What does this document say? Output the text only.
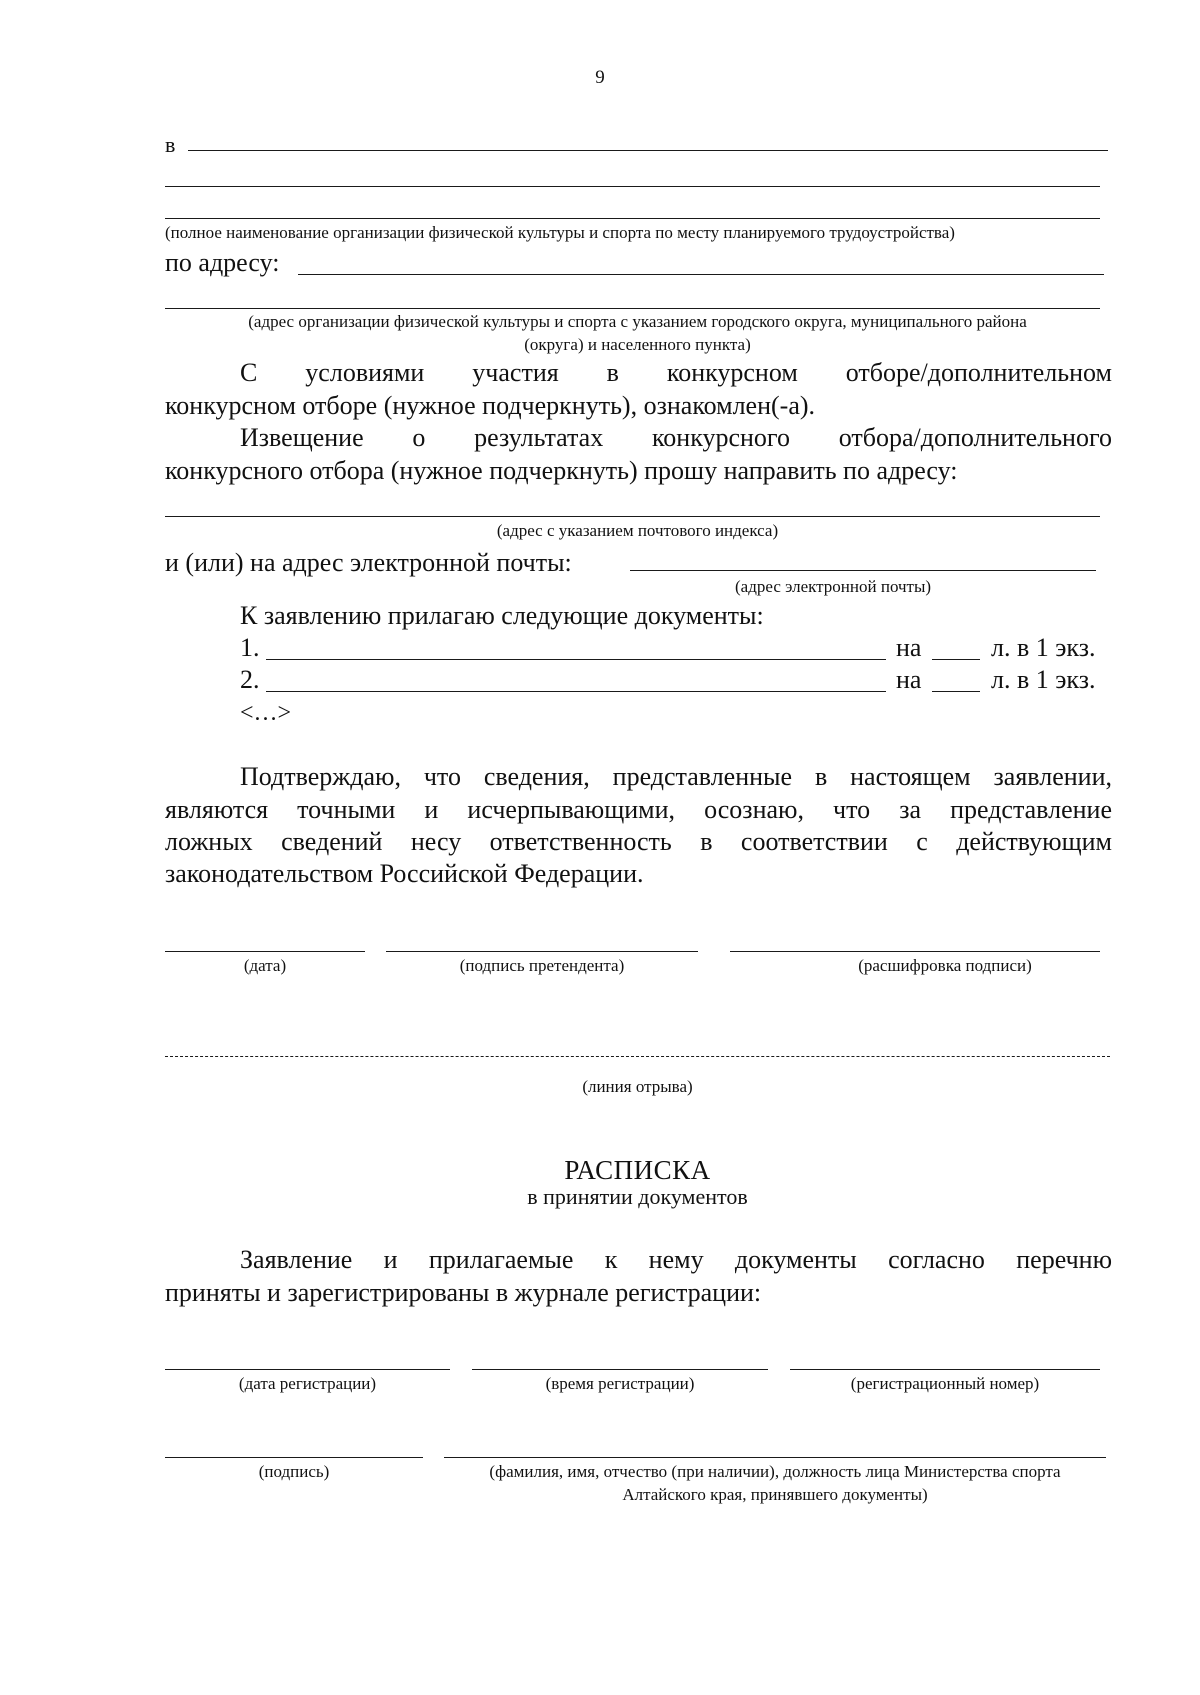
9
в
(полное наименование организации физической культуры и спорта по месту планируемого трудоустройства)
по адресу:
(адрес организации физической культуры и спорта с указанием городского округа, муниципального района
(округа) и населенного пункта)
С условиями участия в конкурсном отборе/дополнительном
конкурсном отборе (нужное подчеркнуть), ознакомлен(-а).
Извещение о результатах конкурсного отбора/дополнительного
конкурсного отбора (нужное подчеркнуть) прошу направить по адресу:
(адрес с указанием почтового индекса)
и (или) на адрес электронной почты:
(адрес электронной почты)
К заявлению прилагаю следующие документы:
1.	на	л. в 1 экз.
2.	на	л. в 1 экз.
<…>
Подтверждаю, что сведения, представленные в настоящем заявлении,
являются точными и исчерпывающими, осознаю, что за представление
ложных сведений несу ответственность в соответствии с действующим
законодательством Российской Федерации.
(дата)	(подпись претендента)	(расшифровка подписи)
(линия отрыва)
РАСПИСКА
в принятии документов
Заявление и прилагаемые к нему документы согласно перечню
приняты и зарегистрированы в журнале регистрации:
(дата регистрации)	(время регистрации)	(регистрационный номер)
(подпись)	(фамилия, имя, отчество (при наличии), должность лица Министерства спорта
Алтайского края, принявшего документы)
